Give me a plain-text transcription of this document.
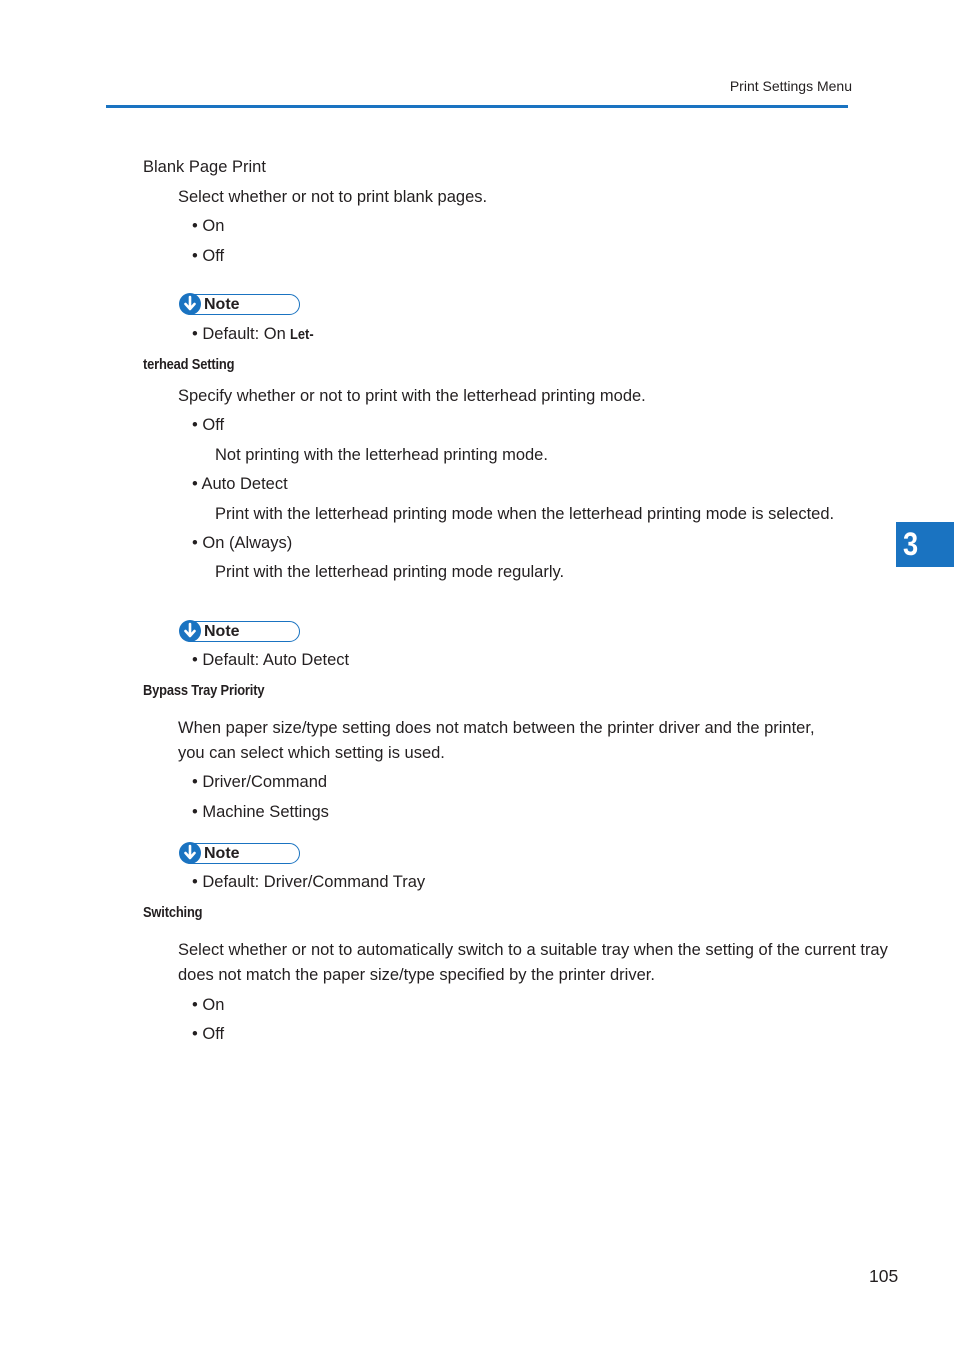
Print Settings Menu
3
Blank Page Print
Select whether or not to print blank pages.
• On
• Off
Note
• Default: On Let-
terhead Setting
Specify whether or not to print with the letterhead printing mode.
• Off
Not printing with the letterhead printing mode.
• Auto Detect
Print with the letterhead printing mode when the letterhead printing mode is selected.
• On (Always)
Print with the letterhead printing mode regularly.
Note
• Default: Auto Detect
Bypass Tray Priority
When paper size/type setting does not match between the printer driver and the printer,
you can select which setting is used.
• Driver/Command
• Machine Settings
Note
• Default: Driver/Command Tray
Switching
Select whether or not to automatically switch to a suitable tray when the setting of the current tray
does not match the paper size/type specified by the printer driver.
• On
• Off
105
